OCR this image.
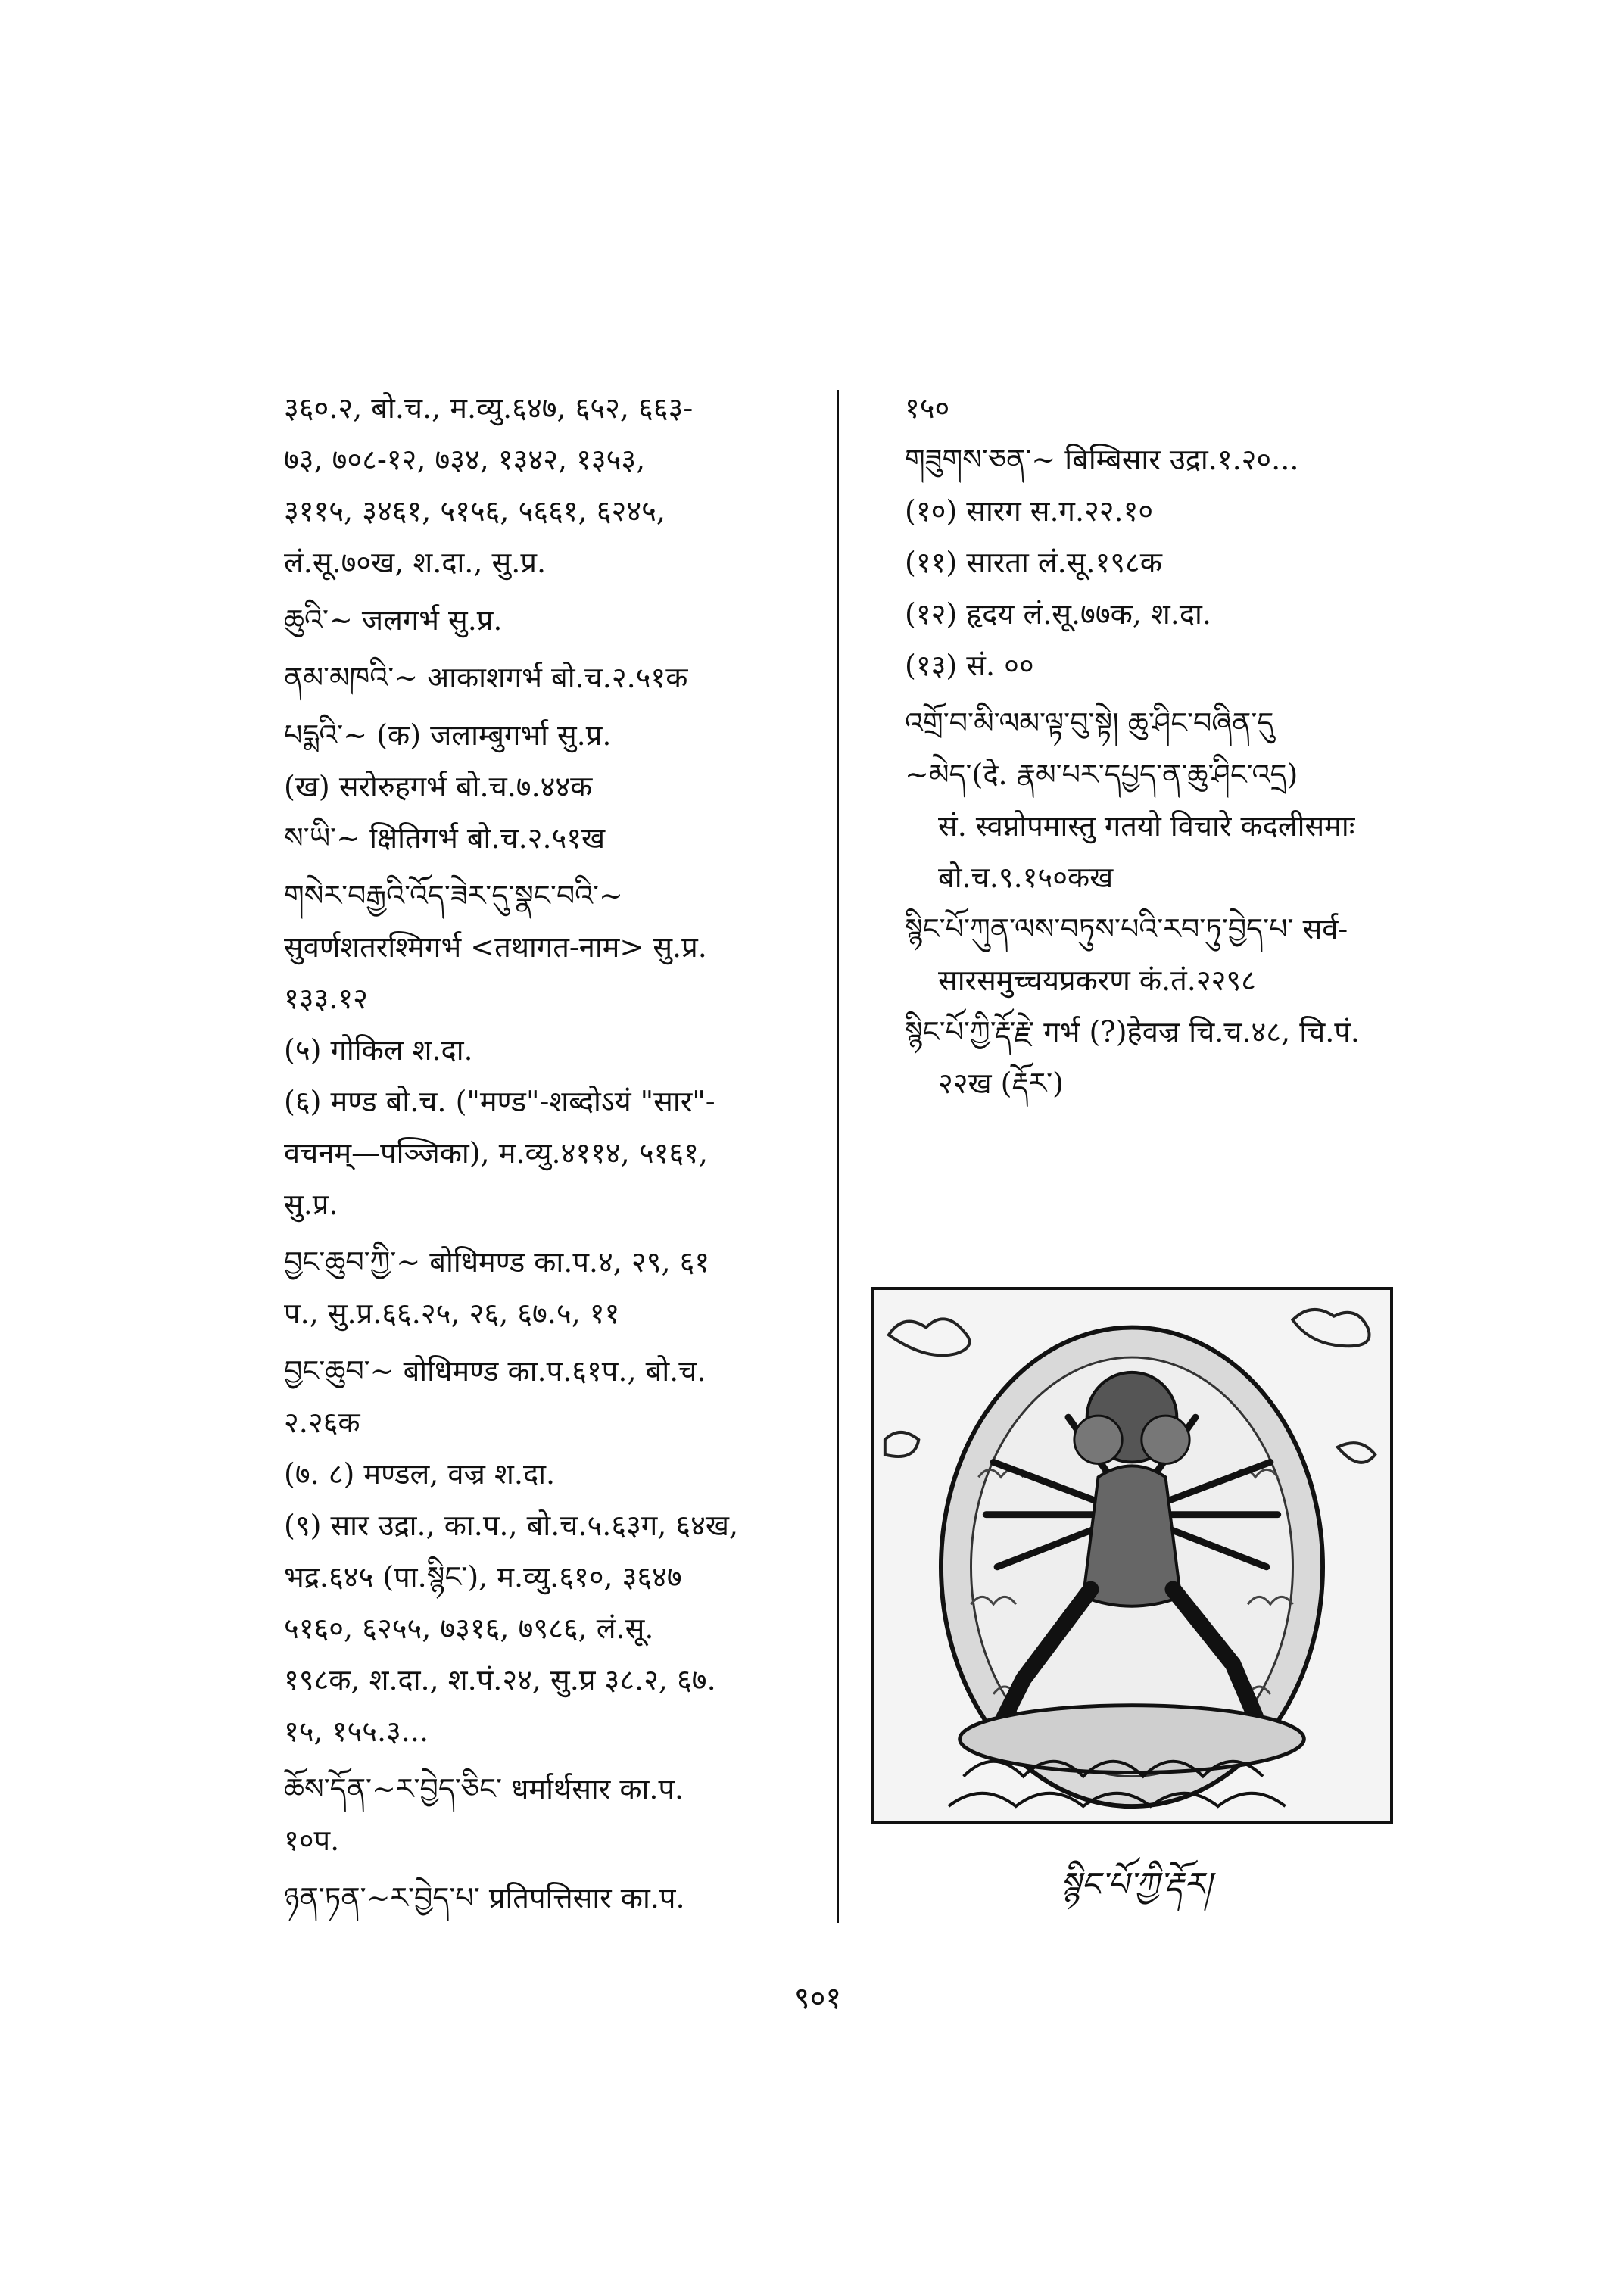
३६०.२, बो.च., म.व्यु.६४७, ६५२, ६६३-
७३, ७०८-१२, ७३४, १३४२, १३५३,
३११५, ३४६१, ५१५६, ५६६१, ६२४५,
लं.सू.७०ख, श.दा., सु.प्र.
ཆུའི་~ जलगर्भ सु.प्र.
ནམ་མཁའི་~ आकाशगर्भ बो.च.२.५१क
པདྨའི་~ (क) जलाम्बुगर्भा सु.प्र.
(ख) सरोरुहगर्भ बो.च.७.४४क
ས་ཡི་~ क्षितिगर्भ बो.च.२.५१ख
གསེར་བརྒྱའི་འོད་ཟེར་དུ་སྣང་བའི་~
सुवर्णशतरश्मिगर्भ <तथागत-नाम> सु.प्र.
१३३.१२
(५) गोकिल श.दा.
(६) मण्ड बो.च. ("मण्ड"-शब्दोऽयं "सार"-
वचनम्—पञ्जिका), म.व्यु.४११४, ५१६१,
सु.प्र.
བྱང་ཆུབ་ཀྱི་~ बोधिमण्ड का.प.४, २९, ६१
प., सु.प्र.६६.२५, २६, ६७.५, ११
བྱང་ཆུབ་~ बोधिमण्ड का.प.६१प., बो.च.
२.२६क
(७. ८) मण्डल, वज्र श.दा.
(९) सार उद्रा., का.प., बो.च.५.६३ग, ६४ख,
भद्र.६४५ (पा.སྙིང་), म.व्यु.६१०, ३६४७
५१६०, ६२५५, ७३१६, ७९८६, लं.सू.
१९८क, श.दा., श.पं.२४, सु.प्र ३८.२, ६७.
१५, १५५.३...
ཆོས་དོན་~ར་བྱེད་ཅིང་ धर्मार्थसार का.प.
१०प.
ཉན་ཏན་~ར་བྱེད་པ་ प्रतिपत्तिसार का.प.
१५०
གཟུགས་ཅན་~ बिम्बिसार उद्रा.१.२०...
(१०) सारग स.ग.२२.१०
(११) सारता लं.सू.१९८क
(१२) हृदय लं.सू.७७क, श.दा.
(१३) सं. ००
འགྲོ་བ་མི་ལམ་ལྟ་བུ་སྟེ། ཆུ་ཤིང་བཞིན་དུ
~མེད་(दे. རྣམ་པར་དཔྱད་ན་ཆུ་ཤིང་འདྲ)
सं. स्वप्नोपमास्तु गतयो विचारे कदलीसमाः
बो.च.९.१५०कख
སྙིང་པོ་ཀུན་ལས་བཏུས་པའི་རབ་ཏུ་བྱེད་པ་ सर्व-
सारसमुच्चयप्रकरण कं.तं.२२९८
སྙིང་པོ་ཀྱི་རྡོ་རྗེ་ गर्भ (?)हेवज्र चि.च.४८, चि.पं.
२२ख (རྡོར་)
སྙིང་པོ་ཀྱི་རྡོར།
९०१
